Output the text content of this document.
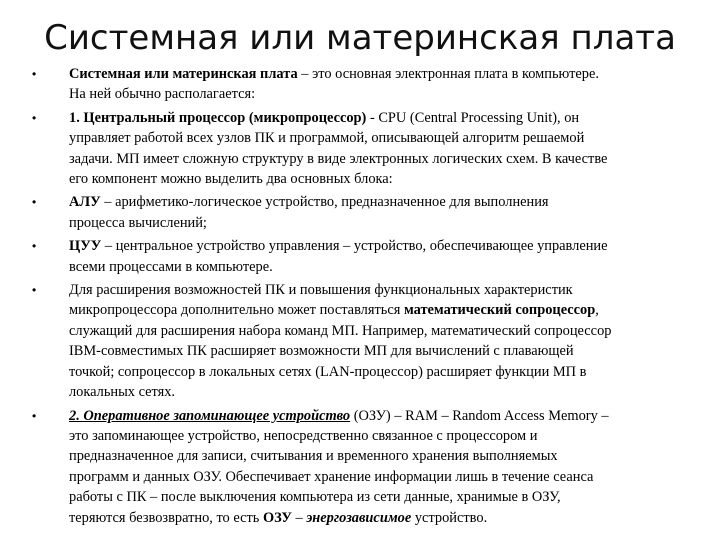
Системная или материнская плата
• Системная или материнская плата – это основная электронная плата в компьютере.
На ней обычно располагается:
• 1. Центральный процессор (микропроцессор) - CPU (Central Processing Unit), он
управляет работой всех узлов ПК и программой, описывающей алгоритм решаемой
задачи. МП имеет сложную структуру в виде электронных логических схем. В качестве
его компонент можно выделить два основных блока:
• АЛУ – арифметико-логическое устройство, предназначенное для выполнения
процесса вычислений;
• ЦУУ – центральное устройство управления – устройство, обеспечивающее управление
всеми процессами в компьютере.
• Для расширения возможностей ПК и повышения функциональных характеристик
микропроцессора дополнительно может поставляться математический сопроцессор,
служащий для расширения набора команд МП. Например, математический сопроцессор
IBM-совместимых ПК расширяет возможности МП для вычислений с плавающей
точкой; сопроцессор в локальных сетях (LAN-процессор) расширяет функции МП в
локальных сетях.
• 2. Оперативное запоминающее устройство (ОЗУ) – RAM – Random Access Memory –
это запоминающее устройство, непосредственно связанное с процессором и
предназначенное для записи, считывания и временного хранения выполняемых
программ и данных ОЗУ. Обеспечивает хранение информации лишь в течение сеанса
работы с ПК – после выключения компьютера из сети данные, хранимые в ОЗУ,
теряются безвозвратно, то есть ОЗУ – энергозависимое устройство.
